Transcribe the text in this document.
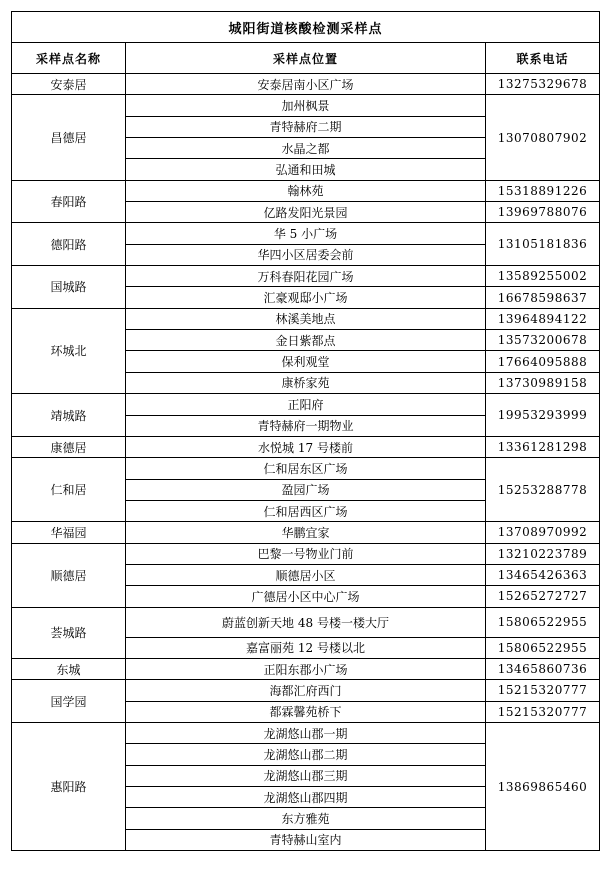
城阳街道核酸检测采样点		
采样点名称	采样点位置	联系电话
安泰居	安泰居南小区广场	13275329678
昌德居	加州枫景	13070807902
	青特赫府二期	
	水晶之都	
	弘通和田城	
春阳路	翰林苑	15318891226
	亿路发阳光景园	13969788076
德阳路	华 5 小广场	13105181836
	华四小区居委会前	
国城路	万科春阳花园广场	13589255002
	汇豪观邸小广场	16678598637
环城北	林溪美地点	13964894122
	金日紫都点	13573200678
	保利观堂	17664095888
	康桥家苑	13730989158
靖城路	正阳府	19953293999
	青特赫府一期物业	
康德居	水悦城 17 号楼前	13361281298
仁和居	仁和居东区广场	15253288778
	盈园广场	
	仁和居西区广场	
华福园	华鹏宜家	13708970992
顺德居	巴黎一号物业门前	13210223789
	顺德居小区	13465426363
	广德居小区中心广场	15265272727
荟城路	蔚蓝创新天地 48 号楼一楼大厅	15806522955
	嘉富丽苑 12 号楼以北	15806522955
东城	正阳东郡小广场	13465860736
国学园	海都汇府西门	15215320777
	都霖馨苑桥下	15215320777
惠阳路	龙湖悠山郡一期	13869865460
	龙湖悠山郡二期	
	龙湖悠山郡三期	
	龙湖悠山郡四期	
	东方雅苑	
	青特赫山室内	
